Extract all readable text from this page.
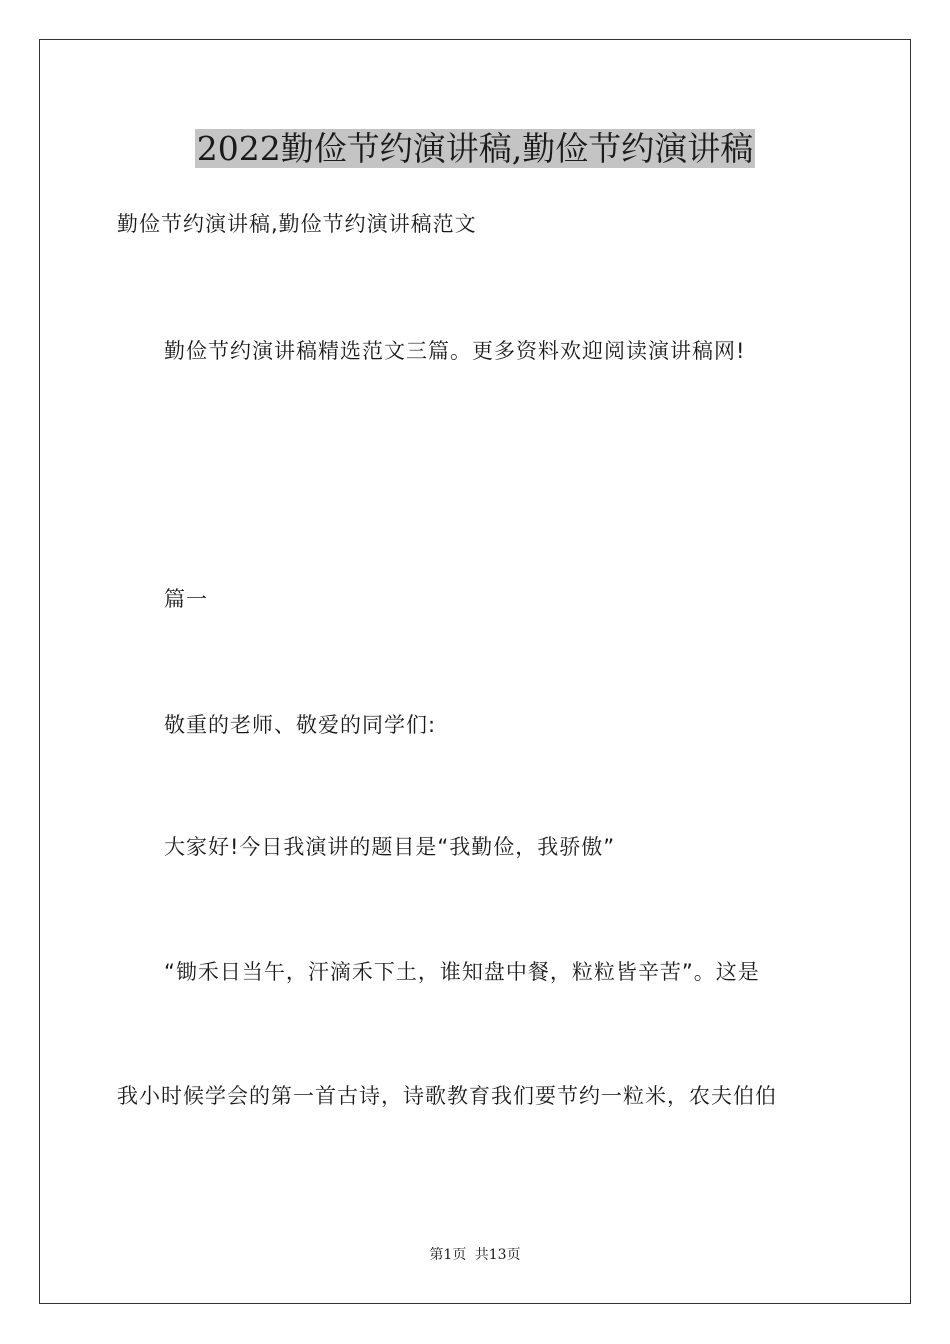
2022勤俭节约演讲稿,勤俭节约演讲稿
勤俭节约演讲稿,勤俭节约演讲稿范文
勤俭节约演讲稿精选范文三篇。更多资料欢迎阅读演讲稿网!
篇一
敬重的老师、敬爱的同学们:
大家好!今日我演讲的题目是“我勤俭，我骄傲”
“锄禾日当午，汗滴禾下土，谁知盘中餐，粒粒皆辛苦”。这是
我小时候学会的第一首古诗，诗歌教育我们要节约一粒米，农夫伯伯
第1页 共13页
